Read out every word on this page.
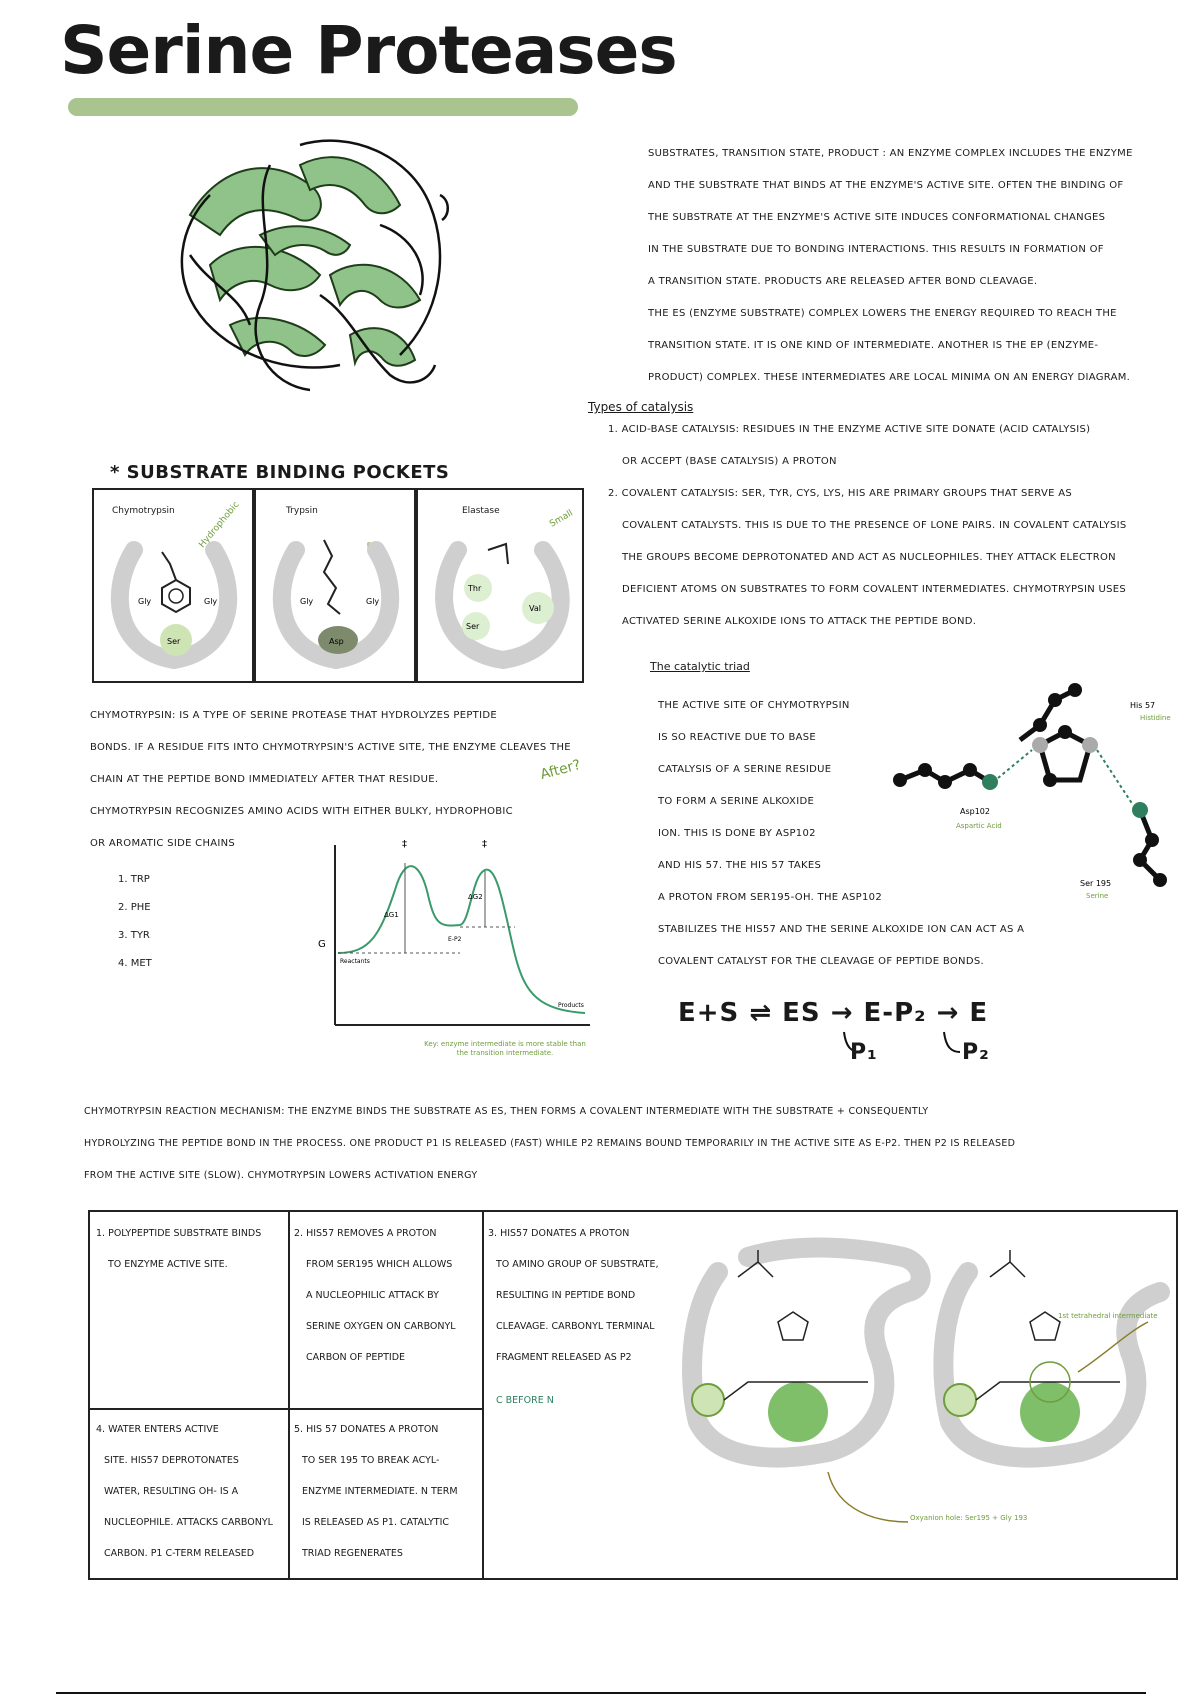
Serine Proteases
SUBSTRATES, TRANSITION STATE, PRODUCT : AN ENZYME COMPLEX INCLUDES THE ENZYME
AND THE SUBSTRATE THAT BINDS AT THE ENZYME'S ACTIVE SITE. OFTEN THE BINDING OF
THE SUBSTRATE AT THE ENZYME'S ACTIVE SITE INDUCES CONFORMATIONAL CHANGES
IN THE SUBSTRATE DUE TO BONDING INTERACTIONS. THIS RESULTS IN FORMATION OF
A TRANSITION STATE. PRODUCTS ARE RELEASED AFTER BOND CLEAVAGE.
THE ES (ENZYME SUBSTRATE) COMPLEX LOWERS THE ENERGY REQUIRED TO REACH THE
TRANSITION STATE. IT IS ONE KIND OF INTERMEDIATE. ANOTHER IS THE EP (ENZYME-
PRODUCT) COMPLEX. THESE INTERMEDIATES ARE LOCAL MINIMA ON AN ENERGY DIAGRAM.
Types of catalysis
1. ACID-BASE CATALYSIS: RESIDUES IN THE ENZYME ACTIVE SITE DONATE (ACID CATALYSIS)
OR ACCEPT (BASE CATALYSIS) A PROTON
2. COVALENT CATALYSIS: SER, TYR, CYS, LYS, HIS ARE PRIMARY GROUPS THAT SERVE AS
COVALENT CATALYSTS. THIS IS DUE TO THE PRESENCE OF LONE PAIRS. IN COVALENT CATALYSIS
THE GROUPS BECOME DEPROTONATED AND ACT AS NUCLEOPHILES. THEY ATTACK ELECTRON
DEFICIENT ATOMS ON SUBSTRATES TO FORM COVALENT INTERMEDIATES. CHYMOTRYPSIN USES
ACTIVATED SERINE ALKOXIDE IONS TO ATTACK THE PEPTIDE BOND.
* SUBSTRATE BINDING POCKETS
Chymotrypsin	Hydrophobic
Gly	Gly
Ser
Trypsin
ES
Gly	Gly
Asp
Elastase	Small
Thr
Val
Ser
CHYMOTRYPSIN: IS A TYPE OF SERINE PROTEASE THAT HYDROLYZES PEPTIDE
BONDS. IF A RESIDUE FITS INTO CHYMOTRYPSIN'S ACTIVE SITE, THE ENZYME CLEAVES THE
CHAIN AT THE PEPTIDE BOND IMMEDIATELY AFTER THAT RESIDUE.
CHYMOTRYPSIN RECOGNIZES AMINO ACIDS WITH EITHER BULKY, HYDROPHOBIC
OR AROMATIC SIDE CHAINS
After?
1. TRP
2. PHE
3. TYR
4. MET
G
Reactants
Products
E-P2
‡	‡
ΔG1
ΔG2
Key: enzyme intermediate is more stable than the transition intermediate.
The catalytic triad
THE ACTIVE SITE OF CHYMOTRYPSIN
IS SO REACTIVE DUE TO BASE
CATALYSIS OF A SERINE RESIDUE
TO FORM A SERINE ALKOXIDE
ION. THIS IS DONE BY ASP102
AND HIS 57. THE HIS 57 TAKES
A PROTON FROM SER195-OH. THE ASP102
STABILIZES THE HIS57 AND THE SERINE ALKOXIDE ION CAN ACT AS A
COVALENT CATALYST FOR THE CLEAVAGE OF PEPTIDE BONDS.
His 57
Histidine
Asp102
Aspartic Acid
Ser 195
Serine
E+S ⇌ ES → E-P₂ → E
P₁	P₂
CHYMOTRYPSIN REACTION MECHANISM: THE ENZYME BINDS THE SUBSTRATE AS ES, THEN FORMS A COVALENT INTERMEDIATE WITH THE SUBSTRATE + CONSEQUENTLY
HYDROLYZING THE PEPTIDE BOND IN THE PROCESS. ONE PRODUCT P1 IS RELEASED (FAST) WHILE P2 REMAINS BOUND TEMPORARILY IN THE ACTIVE SITE AS E-P2. THEN P2 IS RELEASED
FROM THE ACTIVE SITE (SLOW). CHYMOTRYPSIN LOWERS ACTIVATION ENERGY
1. POLYPEPTIDE SUBSTRATE BINDS
TO ENZYME ACTIVE SITE.
2. HIS57 REMOVES A PROTON
FROM SER195 WHICH ALLOWS
A NUCLEOPHILIC ATTACK BY
SERINE OXYGEN ON CARBONYL
CARBON OF PEPTIDE
3. HIS57 DONATES A PROTON
TO AMINO GROUP OF SUBSTRATE,
RESULTING IN PEPTIDE BOND
CLEAVAGE. CARBONYL TERMINAL
FRAGMENT RELEASED AS P2
C BEFORE N
4. WATER ENTERS ACTIVE
SITE. HIS57 DEPROTONATES
WATER, RESULTING OH- IS A
NUCLEOPHILE. ATTACKS CARBONYL
CARBON. P1 C-TERM RELEASED
5. HIS 57 DONATES A PROTON
TO SER 195 TO BREAK ACYL-
ENZYME INTERMEDIATE. N TERM
IS RELEASED AS P1. CATALYTIC
TRIAD REGENERATES
Oxyanion hole: Ser195 + Gly 193
1st tetrahedral intermediate
